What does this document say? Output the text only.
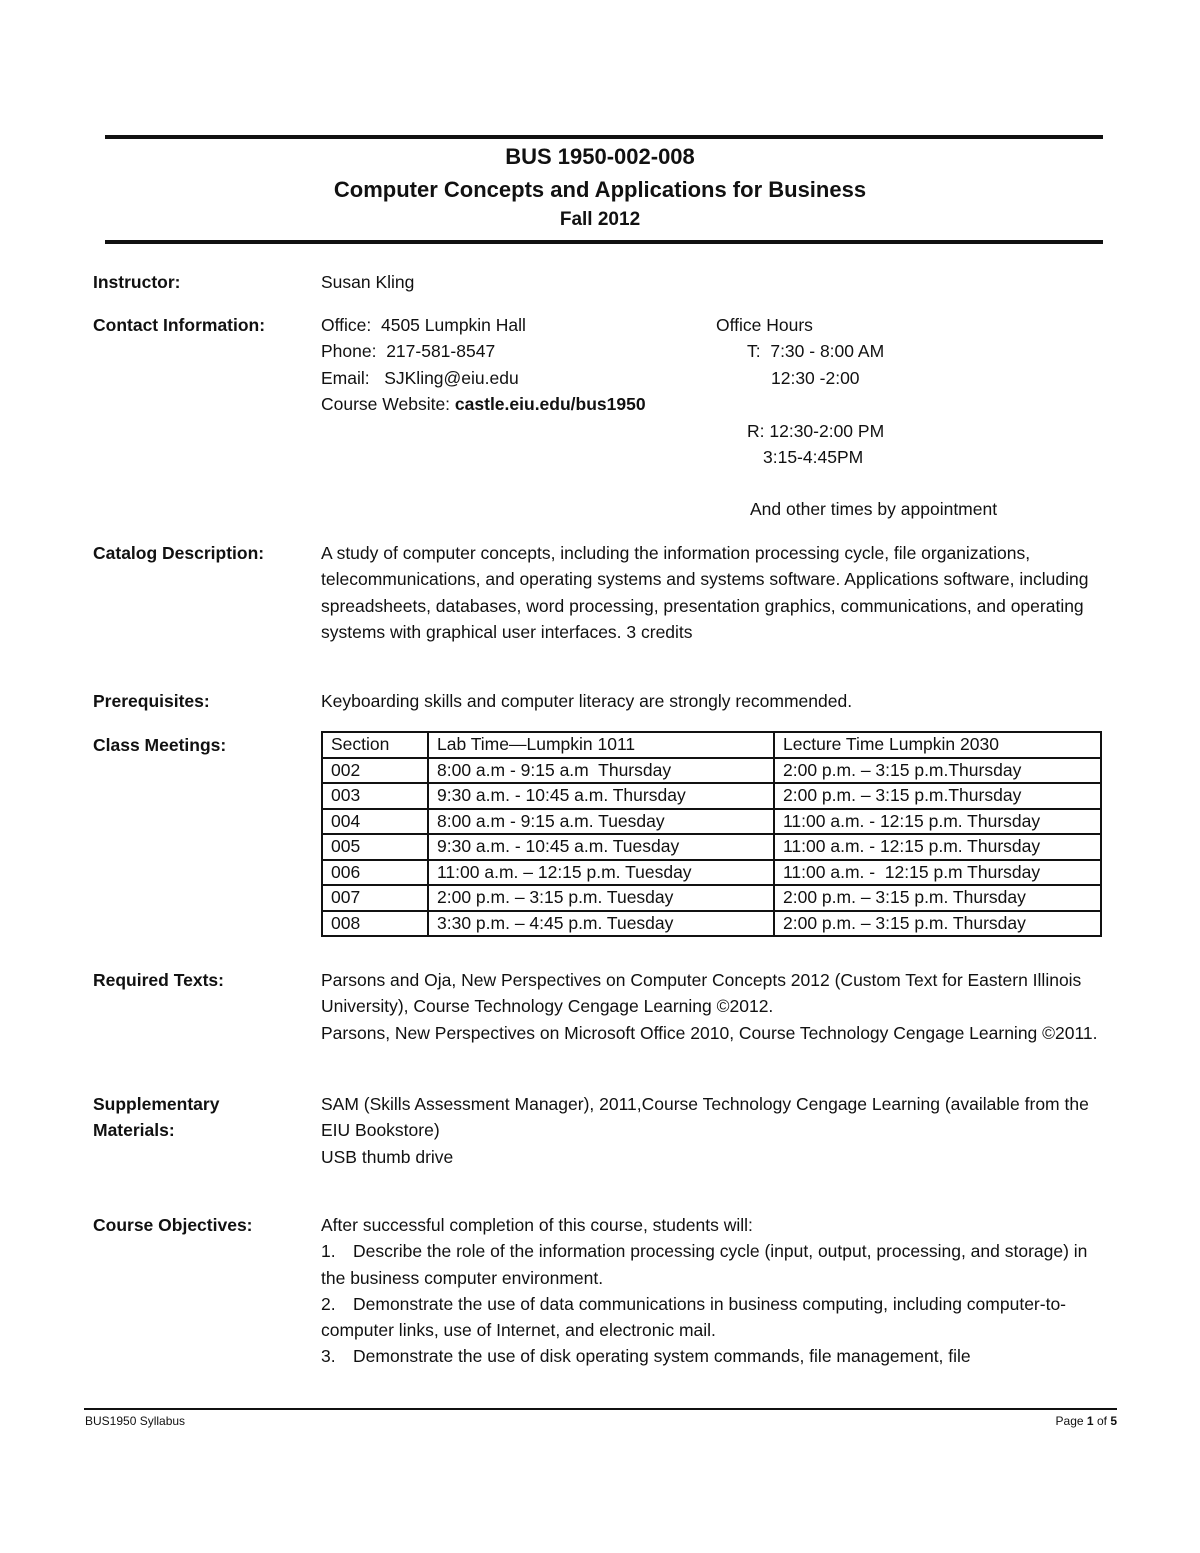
BUS 1950-002-008
Computer Concepts and Applications for Business
Fall 2012
Instructor:	Susan Kling
Contact Information:	Office:  4505 Lumpkin Hall
Phone:  217-581-8547
Email:   SJKling@eiu.edu
Course Website: castle.eiu.edu/bus1950
Office Hours
T:  7:30 - 8:00 AM
12:30 -2:00
R: 12:30-2:00 PM
3:15-4:45PM
And other times by appointment
Catalog Description:	A study of computer concepts, including the information processing cycle, file organizations, telecommunications, and operating systems and systems software. Applications software, including spreadsheets, databases, word processing, presentation graphics, communications, and operating systems with graphical user interfaces. 3 credits
Prerequisites:	Keyboarding skills and computer literacy are strongly recommended.
Class Meetings:	Section	Lab Time—Lumpkin 1011	Lecture Time Lumpkin 2030
002	8:00 a.m - 9:15 a.m  Thursday	2:00 p.m. – 3:15 p.m.Thursday
003	9:30 a.m. - 10:45 a.m. Thursday	2:00 p.m. – 3:15 p.m.Thursday
004	8:00 a.m - 9:15 a.m. Tuesday	11:00 a.m. - 12:15 p.m. Thursday
005	9:30 a.m. - 10:45 a.m. Tuesday	11:00 a.m. - 12:15 p.m. Thursday
006	11:00 a.m. – 12:15 p.m. Tuesday	11:00 a.m. -  12:15 p.m Thursday
007	2:00 p.m. – 3:15 p.m. Tuesday	2:00 p.m. – 3:15 p.m. Thursday
008	3:30 p.m. – 4:45 p.m. Tuesday	2:00 p.m. – 3:15 p.m. Thursday
Required Texts:	Parsons and Oja, New Perspectives on Computer Concepts 2012 (Custom Text for Eastern Illinois University), Course Technology Cengage Learning ©2012.
Parsons, New Perspectives on Microsoft Office 2010, Course Technology Cengage Learning ©2011.
Supplementary
Materials:
SAM (Skills Assessment Manager), 2011,Course Technology Cengage Learning (available from the EIU Bookstore)
USB thumb drive
Course Objectives:	After successful completion of this course, students will:
1. Describe the role of the information processing cycle (input, output, processing, and storage) in the business computer environment.
2. Demonstrate the use of data communications in business computing, including computer-to-computer links, use of Internet, and electronic mail.
3. Demonstrate the use of disk operating system commands, file management, file
BUS1950 Syllabus	Page 1 of 5
